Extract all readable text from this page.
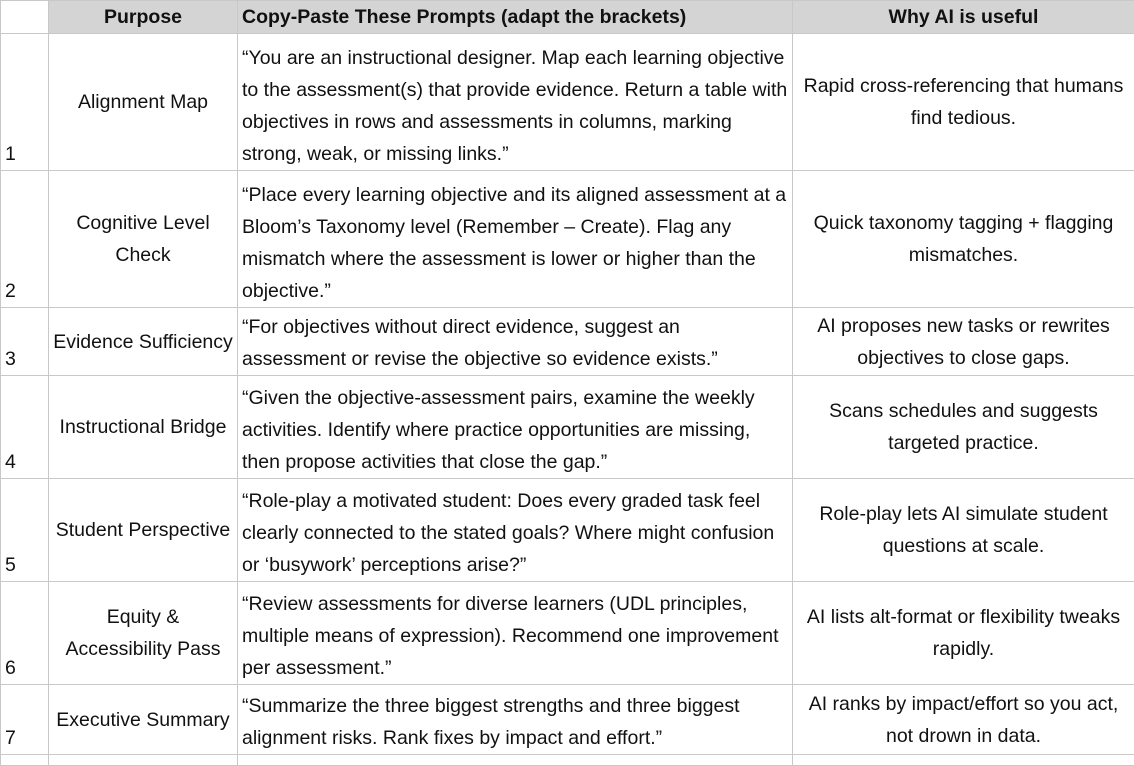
	Purpose	Copy-Paste These Prompts (adapt the brackets)	Why AI is useful
1	Alignment Map	“You are an instructional designer. Map each learning objective to the assessment(s) that provide evidence. Return a table with objectives in rows and assessments in columns, marking strong, weak, or missing links.”	Rapid cross-referencing that humans find tedious.
2	Cognitive Level Check	“Place every learning objective and its aligned assessment at a Bloom’s Taxonomy level (Remember – Create). Flag any mismatch where the assessment is lower or higher than the objective.”	Quick taxonomy tagging + flagging mismatches.
3	Evidence Sufficiency	“For objectives without direct evidence, suggest an assessment or revise the objective so evidence exists.”	AI proposes new tasks or rewrites objectives to close gaps.
4	Instructional Bridge	“Given the objective-assessment pairs, examine the weekly activities. Identify where practice opportunities are missing, then propose activities that close the gap.”	Scans schedules and suggests targeted practice.
5	Student Perspective	“Role-play a motivated student: Does every graded task feel clearly connected to the stated goals? Where might confusion or ‘busywork’ perceptions arise?”	Role-play lets AI simulate student questions at scale.
6	Equity & Accessibility Pass	“Review assessments for diverse learners (UDL principles, multiple means of expression). Recommend one improvement per assessment.”	AI lists alt-format or flexibility tweaks rapidly.
7	Executive Summary	“Summarize the three biggest strengths and three biggest alignment risks. Rank fixes by impact and effort.”	AI ranks by impact/effort so you act, not drown in data.
